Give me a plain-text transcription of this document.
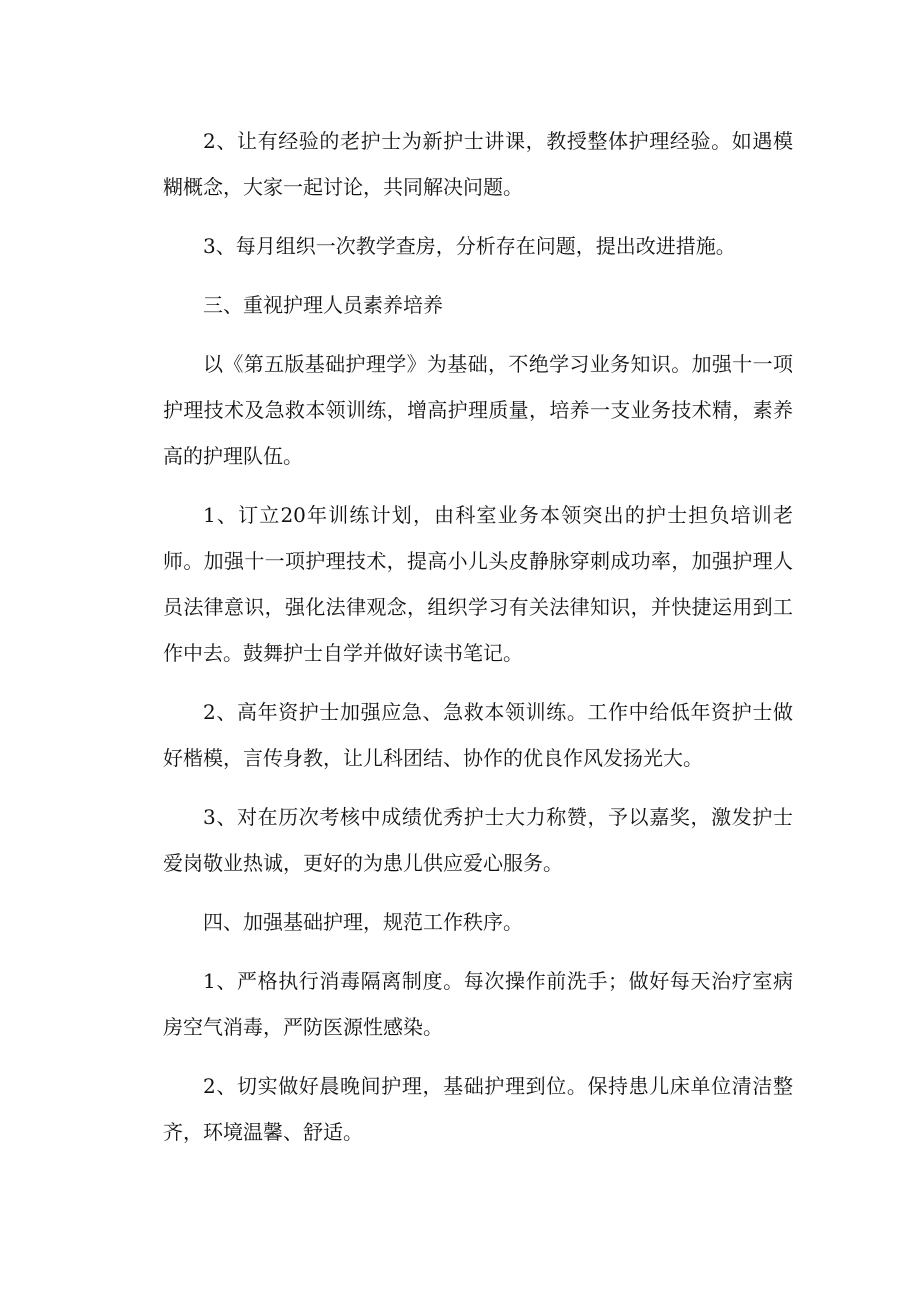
2、让有经验的老护士为新护士讲课，教授整体护理经验。如遇模糊概念，大家一起讨论，共同解决问题。

3、每月组织一次教学查房，分析存在问题，提出改进措施。

三、重视护理人员素养培养

以《第五版基础护理学》为基础，不绝学习业务知识。加强十一项护理技术及急救本领训练，增高护理质量，培养一支业务技术精，素养高的护理队伍。

1、订立20年训练计划，由科室业务本领突出的护士担负培训老师。加强十一项护理技术，提高小儿头皮静脉穿刺成功率，加强护理人员法律意识，强化法律观念，组织学习有关法律知识，并快捷运用到工作中去。鼓舞护士自学并做好读书笔记。

2、高年资护士加强应急、急救本领训练。工作中给低年资护士做好楷模，言传身教，让儿科团结、协作的优良作风发扬光大。

3、对在历次考核中成绩优秀护士大力称赞，予以嘉奖，激发护士爱岗敬业热诚，更好的为患儿供应爱心服务。

四、加强基础护理，规范工作秩序。

1、严格执行消毒隔离制度。每次操作前洗手；做好每天治疗室病房空气消毒，严防医源性感染。

2、切实做好晨晚间护理，基础护理到位。保持患儿床单位清洁整齐，环境温馨、舒适。
